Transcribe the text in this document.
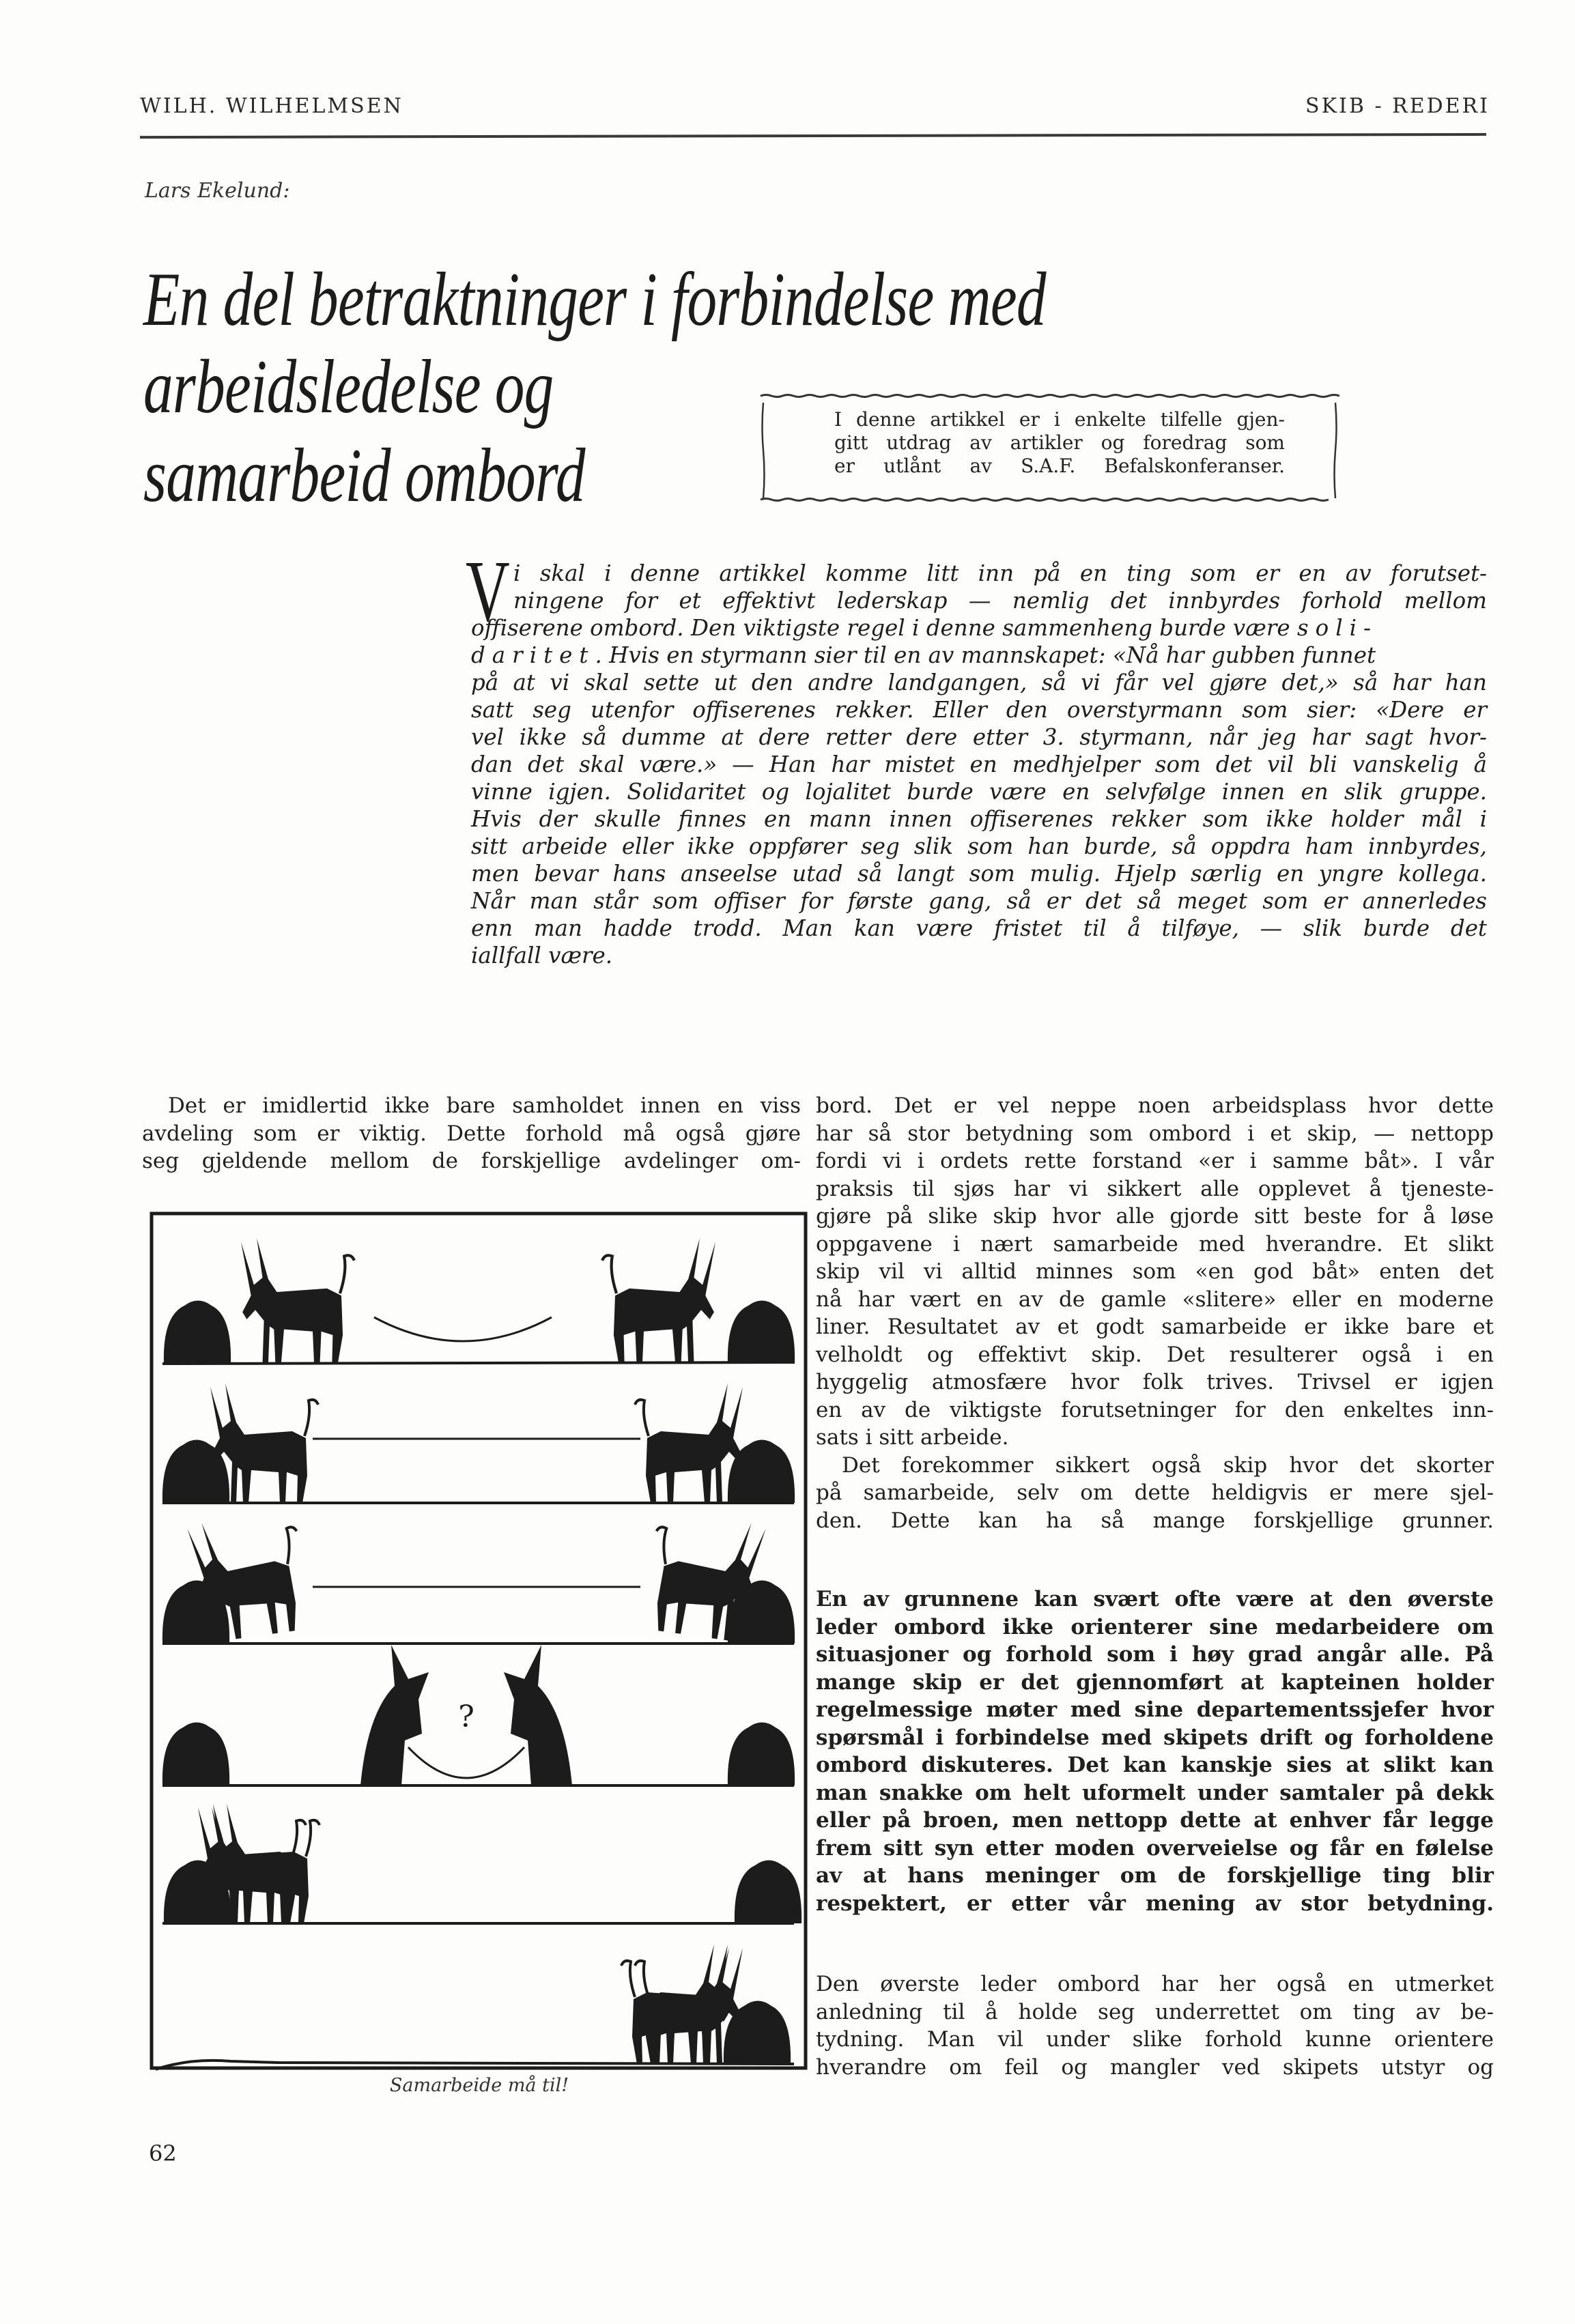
WILH. WILHELMSEN	SKIB - REDERI
Lars Ekelund:
En del betraktninger i forbindelse med arbeidsledelse og
samarbeid ombord
I denne artikkel er i enkelte tilfelle gjen-
gitt utdrag av artikler og foredrag som
er utlånt av S.A.F. Befalskonferanser.
V i skal i denne artikkel komme litt inn på en ting som er en av forutset-
ningene for et effektivt lederskap — nemlig det innbyrdes forhold mellom
offiserene ombord. Den viktigste regel i denne sammenheng burde være soli-
daritet. Hvis en styrmann sier til en av mannskapet: «Nå har gubben funnet
på at vi skal sette ut den andre landgangen, så vi får vel gjøre det,» så har han
satt seg utenfor offiserenes rekker. Eller den overstyrmann som sier: «Dere er
vel ikke så dumme at dere retter dere etter 3. styrmann, når jeg har sagt hvor-
dan det skal være.» — Han har mistet en medhjelper som det vil bli vanskelig å
vinne igjen. Solidaritet og lojalitet burde være en selvfølge innen en slik gruppe.
Hvis der skulle finnes en mann innen offiserenes rekker som ikke holder mål i
sitt arbeide eller ikke oppfører seg slik som han burde, så oppdra ham innbyrdes,
men bevar hans anseelse utad så langt som mulig. Hjelp særlig en yngre kollega.
Når man står som offiser for første gang, så er det så meget som er annerledes
enn man hadde trodd. Man kan være fristet til å tilføye, — slik burde det
iallfall være.
Det er imidlertid ikke bare samholdet innen en viss
avdeling som er viktig. Dette forhold må også gjøre
seg gjeldende mellom de forskjellige avdelinger om-
bord. Det er vel neppe noen arbeidsplass hvor dette
har så stor betydning som ombord i et skip, — nettopp
fordi vi i ordets rette forstand «er i samme båt». I vår
praksis til sjøs har vi sikkert alle opplevet å tjeneste-
gjøre på slike skip hvor alle gjorde sitt beste for å løse
oppgavene i nært samarbeide med hverandre. Et slikt
skip vil vi alltid minnes som «en god båt» enten det
nå har vært en av de gamle «slitere» eller en moderne
liner. Resultatet av et godt samarbeide er ikke bare et
velholdt og effektivt skip. Det resulterer også i en
hyggelig atmosfære hvor folk trives. Trivsel er igjen
en av de viktigste forutsetninger for den enkeltes inn-
sats i sitt arbeide.
Det forekommer sikkert også skip hvor det skorter
på samarbeide, selv om dette heldigvis er mere sjel-
den. Dette kan ha så mange forskjellige grunner.
En av grunnene kan svært ofte være at den øverste
leder ombord ikke orienterer sine medarbeidere om
situasjoner og forhold som i høy grad angår alle. På
mange skip er det gjennomført at kapteinen holder
regelmessige møter med sine departementssjefer hvor
spørsmål i forbindelse med skipets drift og forholdene
ombord diskuteres. Det kan kanskje sies at slikt kan
man snakke om helt uformelt under samtaler på dekk
eller på broen, men nettopp dette at enhver får legge
frem sitt syn etter moden overveielse og får en følelse
av at hans meninger om de forskjellige ting blir
respektert, er etter vår mening av stor betydning.
Den øverste leder ombord har her også en utmerket
anledning til å holde seg underrettet om ting av be-
tydning. Man vil under slike forhold kunne orientere
hverandre om feil og mangler ved skipets utstyr og
?
Samarbeide må til!
62
